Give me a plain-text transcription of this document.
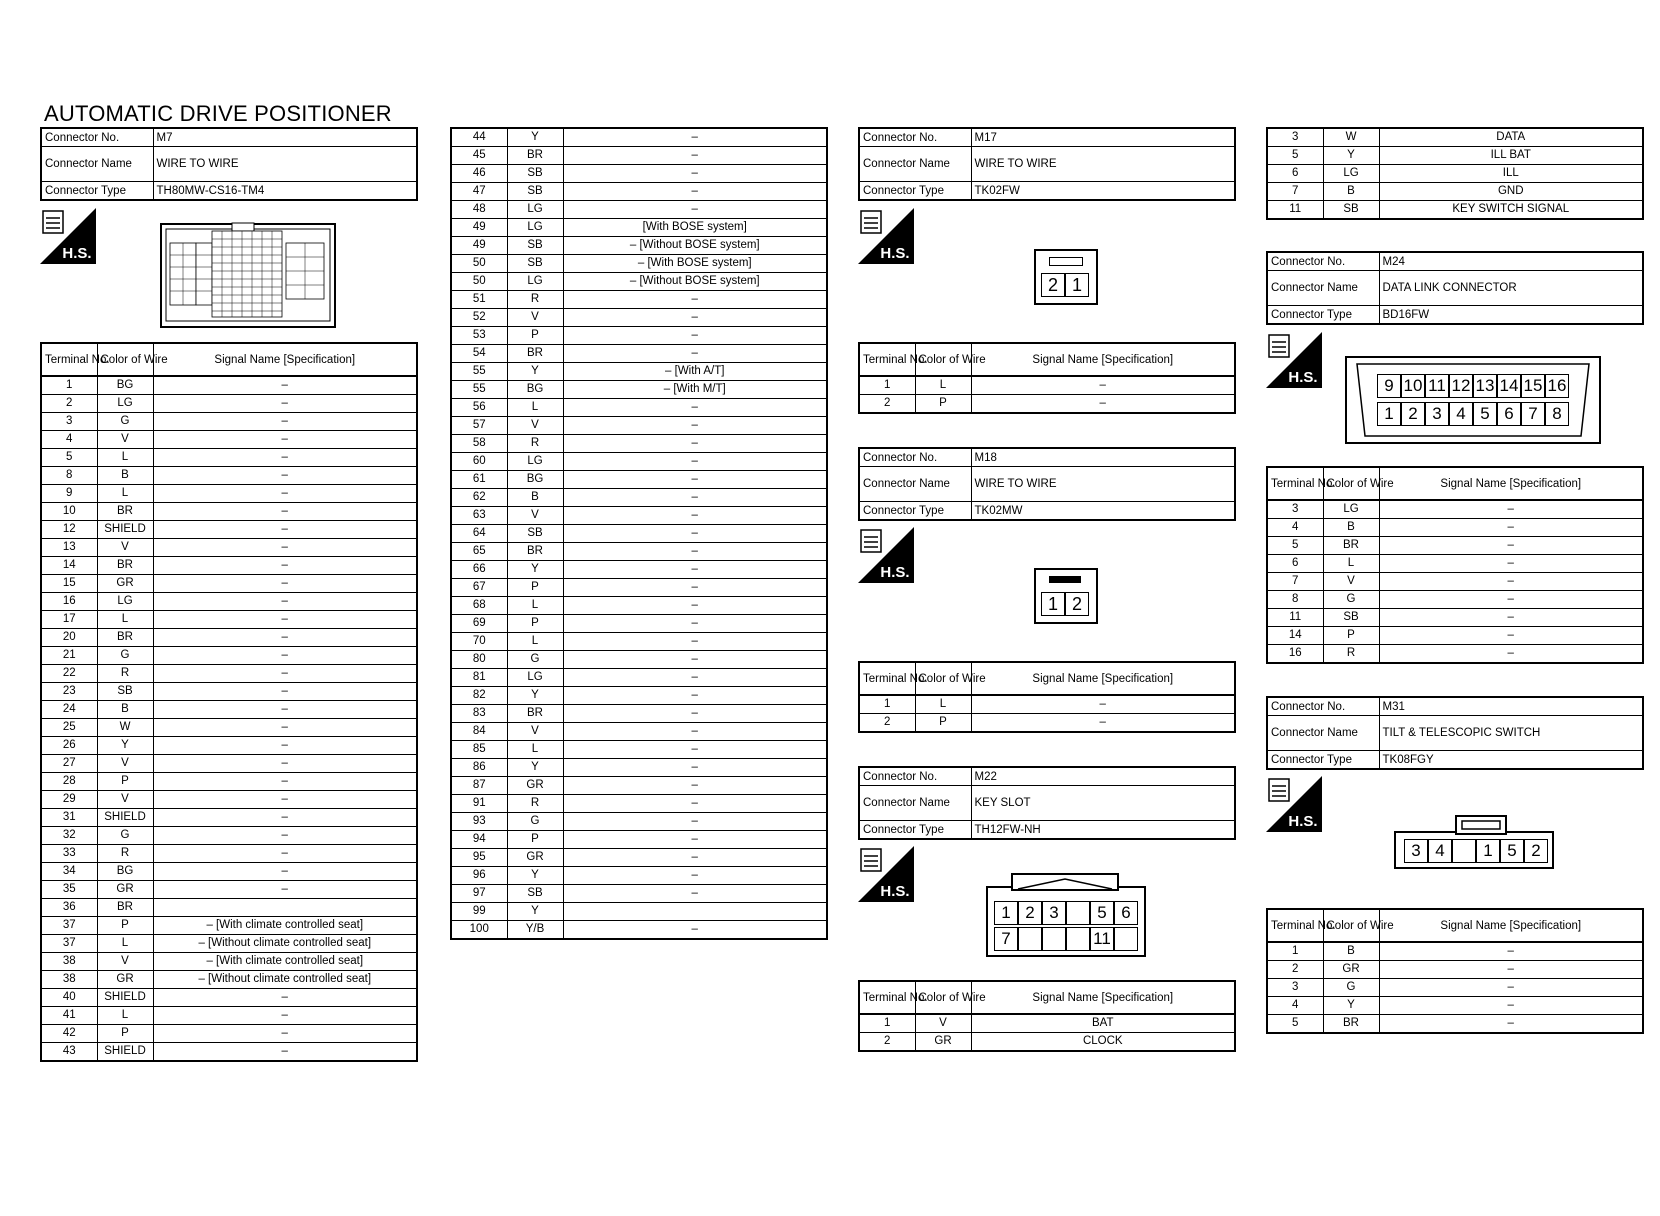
AUTOMATIC DRIVE POSITIONER
Connector No.	M7
Connector Name	WIRE TO WIRE
Connector Type	TH80MW-CS16-TM4
H.S.
Terminal No.	Color of Wire	Signal Name [Specification]
1	BG	–
2	LG	–
3	G	–
4	V	–
5	L	–
8	B	–
9	L	–
10	BR	–
12	SHIELD	–
13	V	–
14	BR	–
15	GR	–
16	LG	–
17	L	–
20	BR	–
21	G	–
22	R	–
23	SB	–
24	B	–
25	W	–
26	Y	–
27	V	–
28	P	–
29	V	–
31	SHIELD	–
32	G	–
33	R	–
34	BG	–
35	GR	–
36	BR	
37	P	– [With climate controlled seat]
37	L	– [Without climate controlled seat]
38	V	– [With climate controlled seat]
38	GR	– [Without climate controlled seat]
40	SHIELD	–
41	L	–
42	P	–
43	SHIELD	–
44	Y	–
45	BR	–
46	SB	–
47	SB	–
48	LG	–
49	LG	[With BOSE system]
49	SB	– [Without BOSE system]
50	SB	– [With BOSE system]
50	LG	– [Without BOSE system]
51	R	–
52	V	–
53	P	–
54	BR	–
55	Y	– [With A/T]
55	BG	– [With M/T]
56	L	–
57	V	–
58	R	–
60	LG	–
61	BG	–
62	B	–
63	V	–
64	SB	–
65	BR	–
66	Y	–
67	P	–
68	L	–
69	P	–
70	L	–
80	G	–
81	LG	–
82	Y	–
83	BR	–
84	V	–
85	L	–
86	Y	–
87	GR	–
91	R	–
93	G	–
94	P	–
95	GR	–
96	Y	–
97	SB	–
99	Y	
100	Y/B	–
Connector No.	M17
Connector Name	WIRE TO WIRE
Connector Type	TK02FW
H.S.
2 1
Terminal No.	Color of Wire	Signal Name [Specification]
1	L	–
2	P	–
Connector No.	M18
Connector Name	WIRE TO WIRE
Connector Type	TK02MW
H.S.
1 2
Terminal No.	Color of Wire	Signal Name [Specification]
1	L	–
2	P	–
Connector No.	M22
Connector Name	KEY SLOT
Connector Type	TH12FW-NH
H.S.
1 2 3	5 6
7	11
Terminal No.	Color of Wire	Signal Name [Specification]
1	V	BAT
2	GR	CLOCK
3	W	DATA
5	Y	ILL BAT
6	LG	ILL
7	B	GND
11	SB	KEY SWITCH SIGNAL
Connector No.	M24
Connector Name	DATA LINK CONNECTOR
Connector Type	BD16FW
H.S.	9 10 11 12 13 14 15 16
1 2 3 4 5 6 7 8
Terminal No.	Color of Wire	Signal Name [Specification]
3	LG	–
4	B	–
5	BR	–
6	L	–
7	V	–
8	G	–
11	SB	–
14	P	–
16	R	–
Connector No.	M31
Connector Name	TILT & TELESCOPIC SWITCH
Connector Type	TK08FGY
H.S.
3 4	1 5 2
Terminal No.	Color of Wire	Signal Name [Specification]
1	B	–
2	GR	–
3	G	–
4	Y	–
5	BR	–
